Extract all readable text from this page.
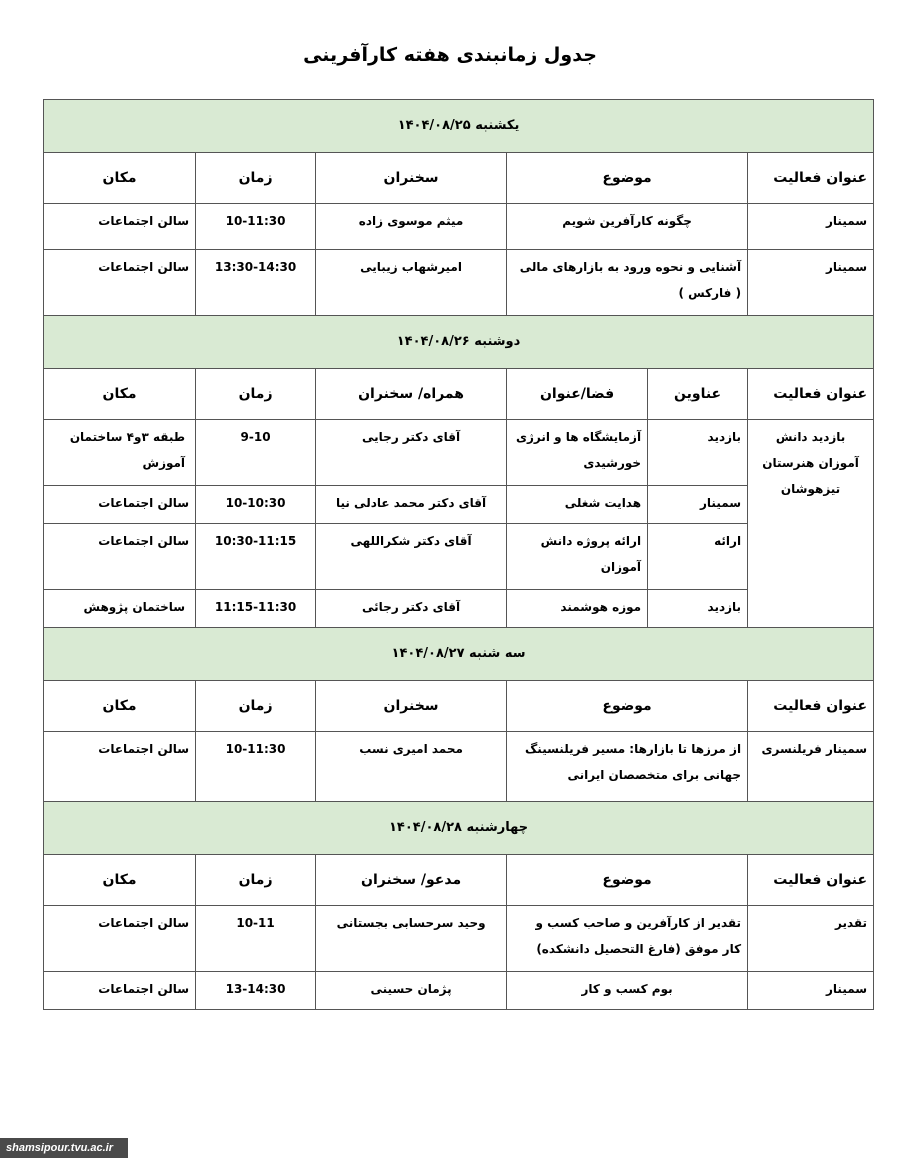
جدول زمانبندی هفته کارآفرینی
یکشنبه ۱۴۰۴/۰۸/۲۵					
عنوان فعالیت	موضوع		سخنران	زمان	مکان
سمینار	چگونه کارآفرین شویم		میثم موسوی زاده	10-11:30	سالن اجتماعات
سمینار	آشنایی و نحوه ورود به بازارهای مالی ( فارکس )		امیرشهاب زیبایی	13:30-14:30	سالن اجتماعات
دوشنبه ۱۴۰۴/۰۸/۲۶					
عنوان فعالیت	عناوین	فضا/عنوان	همراه/ سخنران	زمان	مکان
بازدید دانش آموزان هنرستان تیزهوشان	بازدید	آزمایشگاه ها و انرژی خورشیدی	آقای دکتر رجایی	9-10	طبقه ۳و۴ ساختمان آموزش
	سمینار	هدایت شغلی	آقای دکتر محمد عادلی نیا	10-10:30	سالن اجتماعات
	ارائه	ارائه پروژه دانش آموزان	آقای دکتر شکراللهی	10:30-11:15	سالن اجتماعات
	بازدید	موزه هوشمند	آقای دکتر رجائی	11:15-11:30	ساختمان پژوهش
سه شنبه ۱۴۰۴/۰۸/۲۷					
عنوان فعالیت	موضوع		سخنران	زمان	مکان
سمینار فریلنسری	از مرزها تا بازارها: مسیر فریلنسینگ جهانی برای متخصصان ایرانی		محمد امیری نسب	10-11:30	سالن اجتماعات
چهارشنبه ۱۴۰۴/۰۸/۲۸					
عنوان فعالیت	موضوع		مدعو/ سخنران	زمان	مکان
تقدیر	تقدیر از کارآفرین و صاحب کسب و کار موفق (فارغ التحصیل دانشکده)		وحید سرحسابی بجستانی	10-11	سالن اجتماعات
سمینار	بوم کسب و کار		پژمان حسینی	13-14:30	سالن اجتماعات
shamsipour.tvu.ac.ir
